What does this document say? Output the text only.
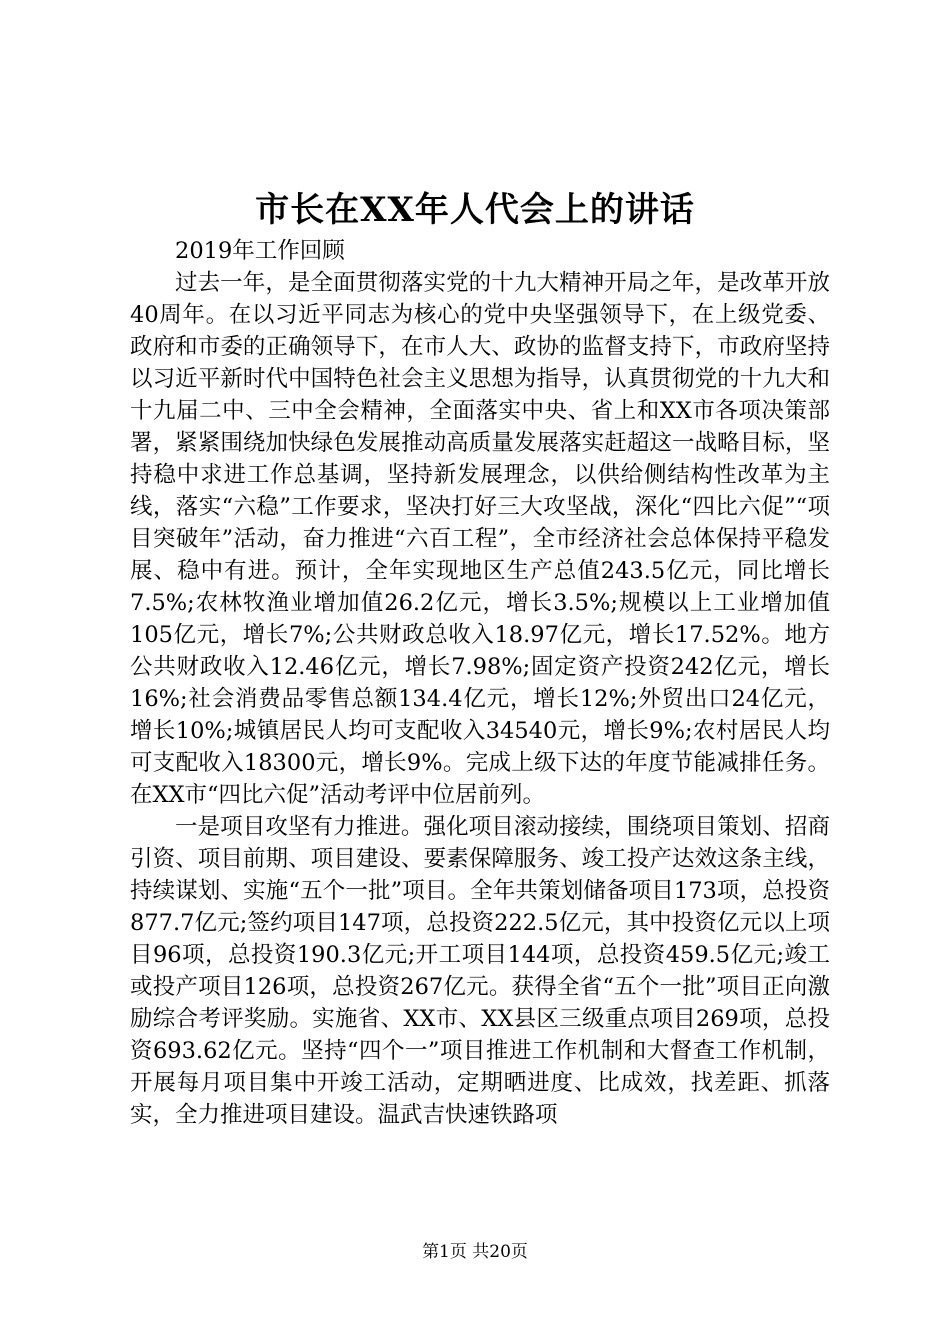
市长在XX年人代会上的讲话

2019年工作回顾

过去一年，是全面贯彻落实党的十九大精神开局之年，是改革开放40周年。在以习近平同志为核心的党中央坚强领导下，在上级党委、政府和市委的正确领导下，在市人大、政协的监督支持下，市政府坚持以习近平新时代中国特色社会主义思想为指导，认真贯彻党的十九大和十九届二中、三中全会精神，全面落实中央、省上和XX市各项决策部署，紧紧围绕加快绿色发展推动高质量发展落实赶超这一战略目标，坚持稳中求进工作总基调，坚持新发展理念，以供给侧结构性改革为主线，落实“六稳”工作要求，坚决打好三大攻坚战，深化“四比六促”“项目突破年”活动，奋力推进“六百工程”，全市经济社会总体保持平稳发展、稳中有进。预计，全年实现地区生产总值243.5亿元，同比增长7.5%;农林牧渔业增加值26.2亿元，增长3.5%;规模以上工业增加值105亿元，增长7%;公共财政总收入18.97亿元，增长17.52%。地方公共财政收入12.46亿元，增长7.98%;固定资产投资242亿元，增长16%;社会消费品零售总额134.4亿元，增长12%;外贸出口24亿元，增长10%;城镇居民人均可支配收入34540元，增长9%;农村居民人均可支配收入18300元，增长9%。完成上级下达的年度节能减排任务。在XX市“四比六促”活动考评中位居前列。

一是项目攻坚有力推进。强化项目滚动接续，围绕项目策划、招商引资、项目前期、项目建设、要素保障服务、竣工投产达效这条主线，持续谋划、实施“五个一批”项目。全年共策划储备项目173项，总投资877.7亿元;签约项目147项，总投资222.5亿元，其中投资亿元以上项目96项，总投资190.3亿元;开工项目144项，总投资459.5亿元;竣工或投产项目126项，总投资267亿元。获得全省“五个一批”项目正向激励综合考评奖励。实施省、XX市、XX县区三级重点项目269项，总投资693.62亿元。坚持“四个一”项目推进工作机制和大督查工作机制，开展每月项目集中开竣工活动，定期晒进度、比成效，找差距、抓落实，全力推进项目建设。温武吉快速铁路项

第1页 共20页
